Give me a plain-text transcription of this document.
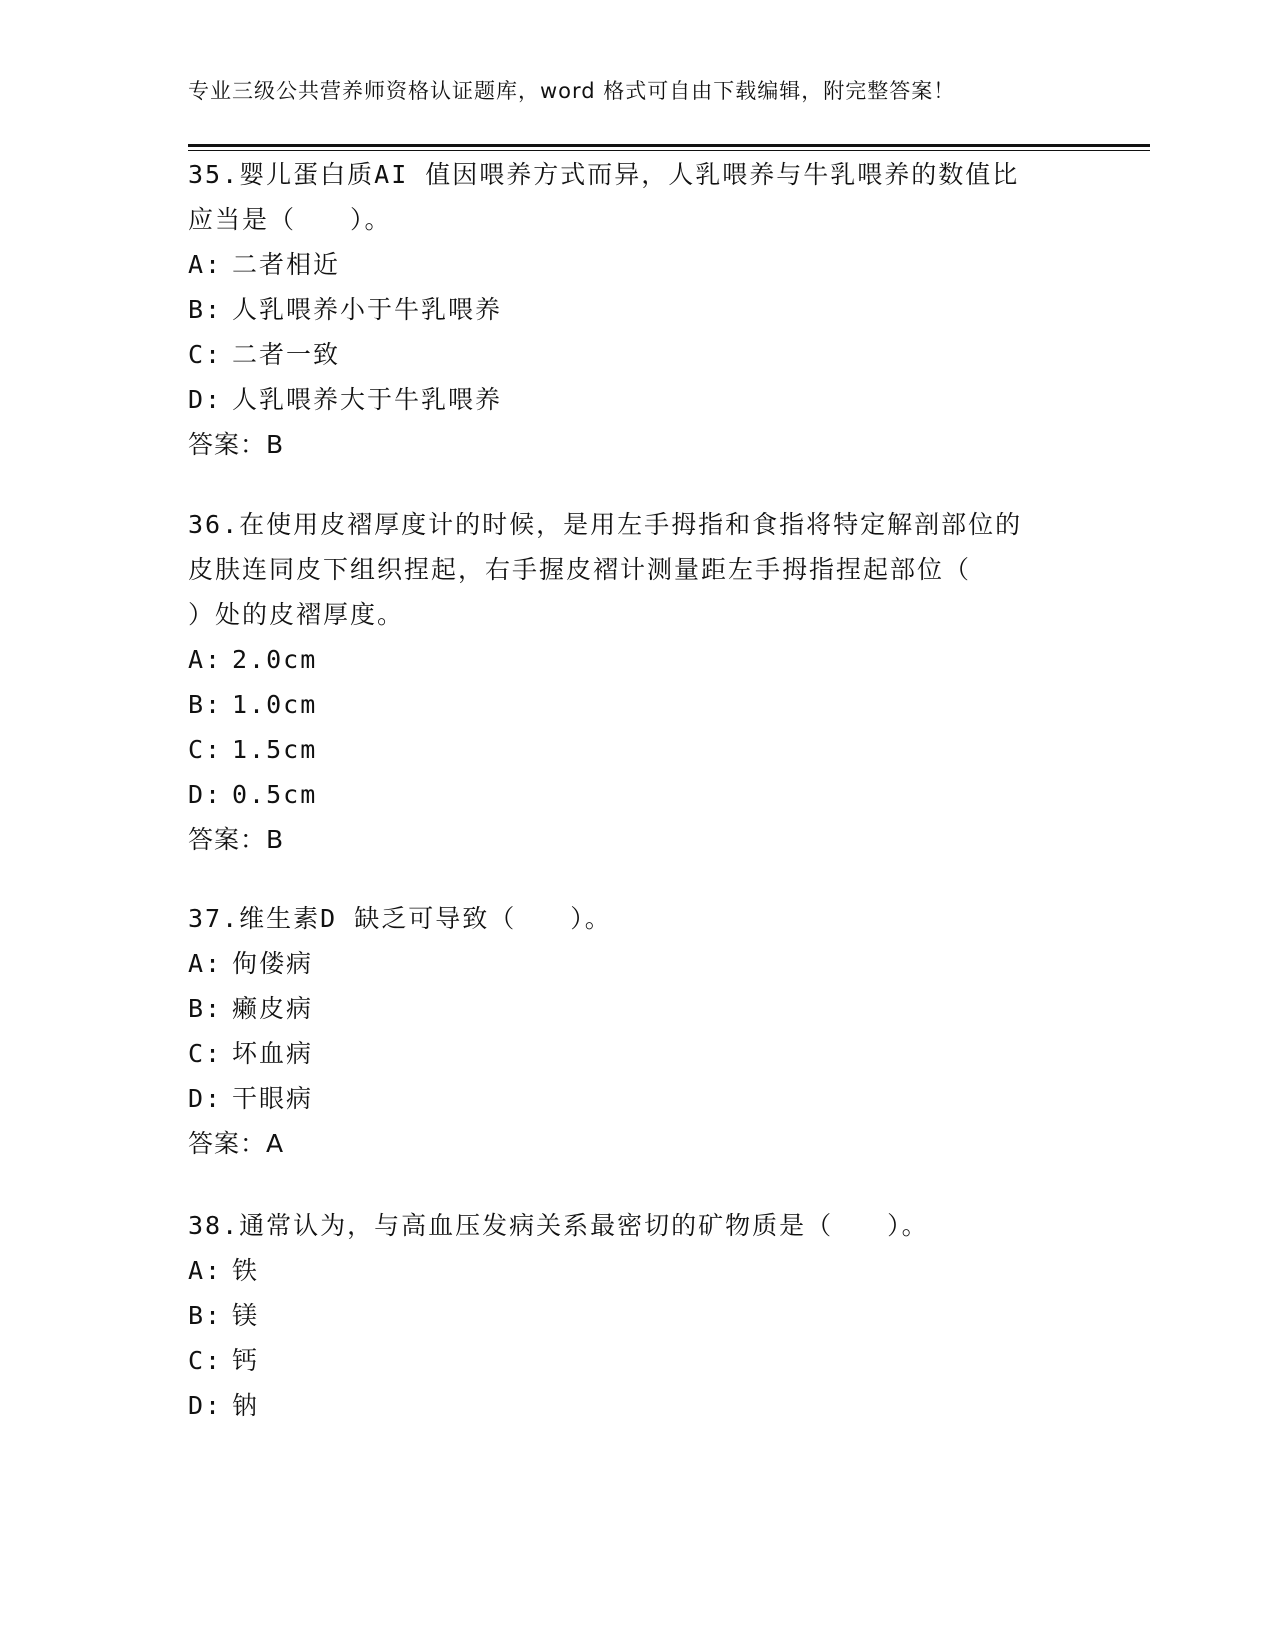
专业三级公共营养师资格认证题库，word 格式可自由下载编辑，附完整答案！
35.婴儿蛋白质AI 值因喂养方式而异，人乳喂养与牛乳喂养的数值比
应当是（　　）。
A: 二者相近
B: 人乳喂养小于牛乳喂养
C: 二者一致
D: 人乳喂养大于牛乳喂养
答案：B
36.在使用皮褶厚度计的时候，是用左手拇指和食指将特定解剖部位的
皮肤连同皮下组织捏起，右手握皮褶计测量距左手拇指捏起部位（
）处的皮褶厚度。
A: 2.0cm
B: 1.0cm
C: 1.5cm
D: 0.5cm
答案：B
37.维生素D 缺乏可导致（　　）。
A: 佝偻病
B: 癞皮病
C: 坏血病
D: 干眼病
答案：A
38.通常认为，与高血压发病关系最密切的矿物质是（　　）。
A: 铁
B: 镁
C: 钙
D: 钠
